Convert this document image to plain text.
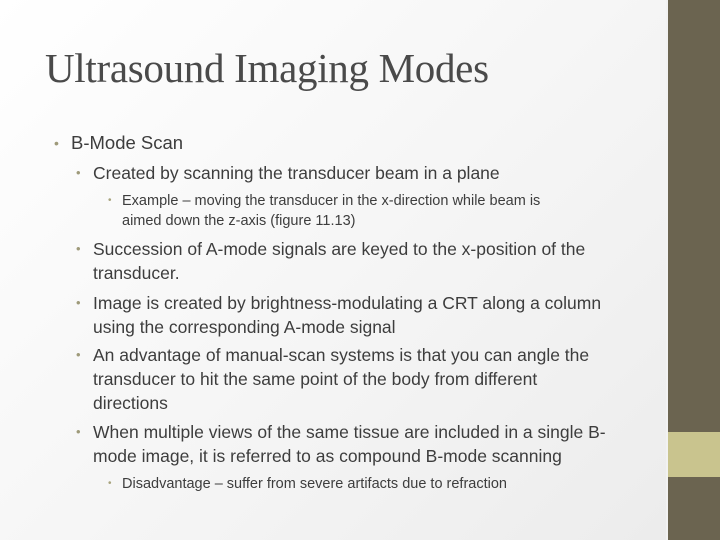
Ultrasound Imaging Modes
• B-Mode Scan
• Created by scanning the transducer beam in a plane
• Example – moving the transducer in the x-direction while beam is
aimed down the z-axis (figure 11.13)
• Succession of A-mode signals are keyed to the x-position of the
transducer.
• Image is created by brightness-modulating a CRT along a column
using the corresponding A-mode signal
• An advantage of manual-scan systems is that you can angle the
transducer to hit the same point of the body from different
directions
• When multiple views of the same tissue are included in a single B-
mode image, it is referred to as compound B-mode scanning
• Disadvantage – suffer from severe artifacts due to refraction
